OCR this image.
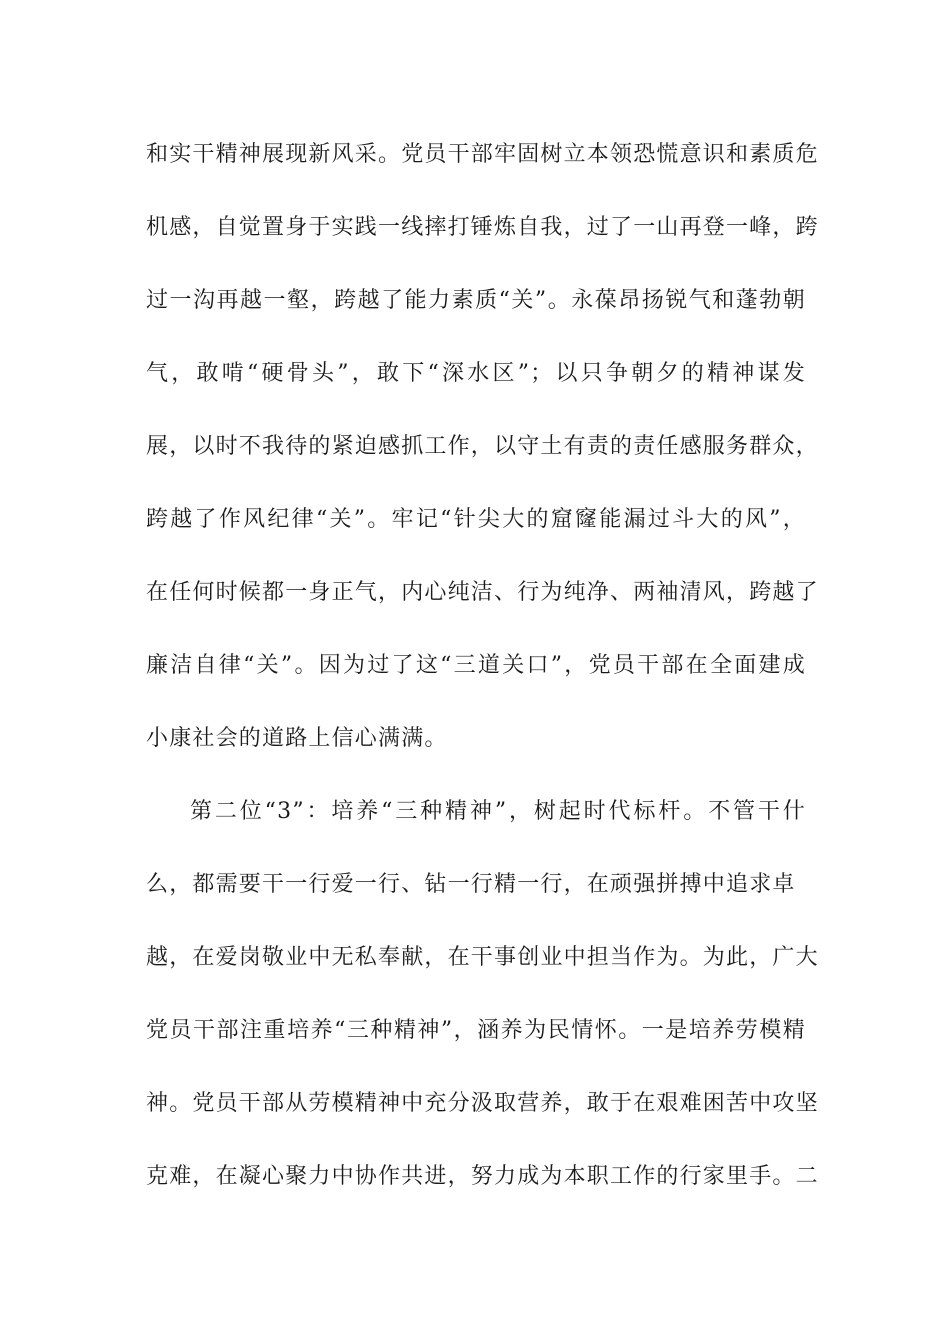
和实干精神展现新风采。党员干部牢固树立本领恐慌意识和素质危
机感，自觉置身于实践一线摔打锤炼自我，过了一山再登一峰，跨
过一沟再越一壑，跨越了能力素质“关”。永葆昂扬锐气和蓬勃朝
气，敢啃“硬骨头”，敢下“深水区”；以只争朝夕的精神谋发
展，以时不我待的紧迫感抓工作，以守土有责的责任感服务群众，
跨越了作风纪律“关”。牢记“针尖大的窟窿能漏过斗大的风”，
在任何时候都一身正气，内心纯洁、行为纯净、两袖清风，跨越了
廉洁自律“关”。因为过了这“三道关口”，党员干部在全面建成
小康社会的道路上信心满满。
第二位“3”：培养“三种精神”，树起时代标杆。不管干什
么，都需要干一行爱一行、钻一行精一行，在顽强拼搏中追求卓
越，在爱岗敬业中无私奉献，在干事创业中担当作为。为此，广大
党员干部注重培养“三种精神”，涵养为民情怀。一是培养劳模精
神。党员干部从劳模精神中充分汲取营养，敢于在艰难困苦中攻坚
克难，在凝心聚力中协作共进，努力成为本职工作的行家里手。二
